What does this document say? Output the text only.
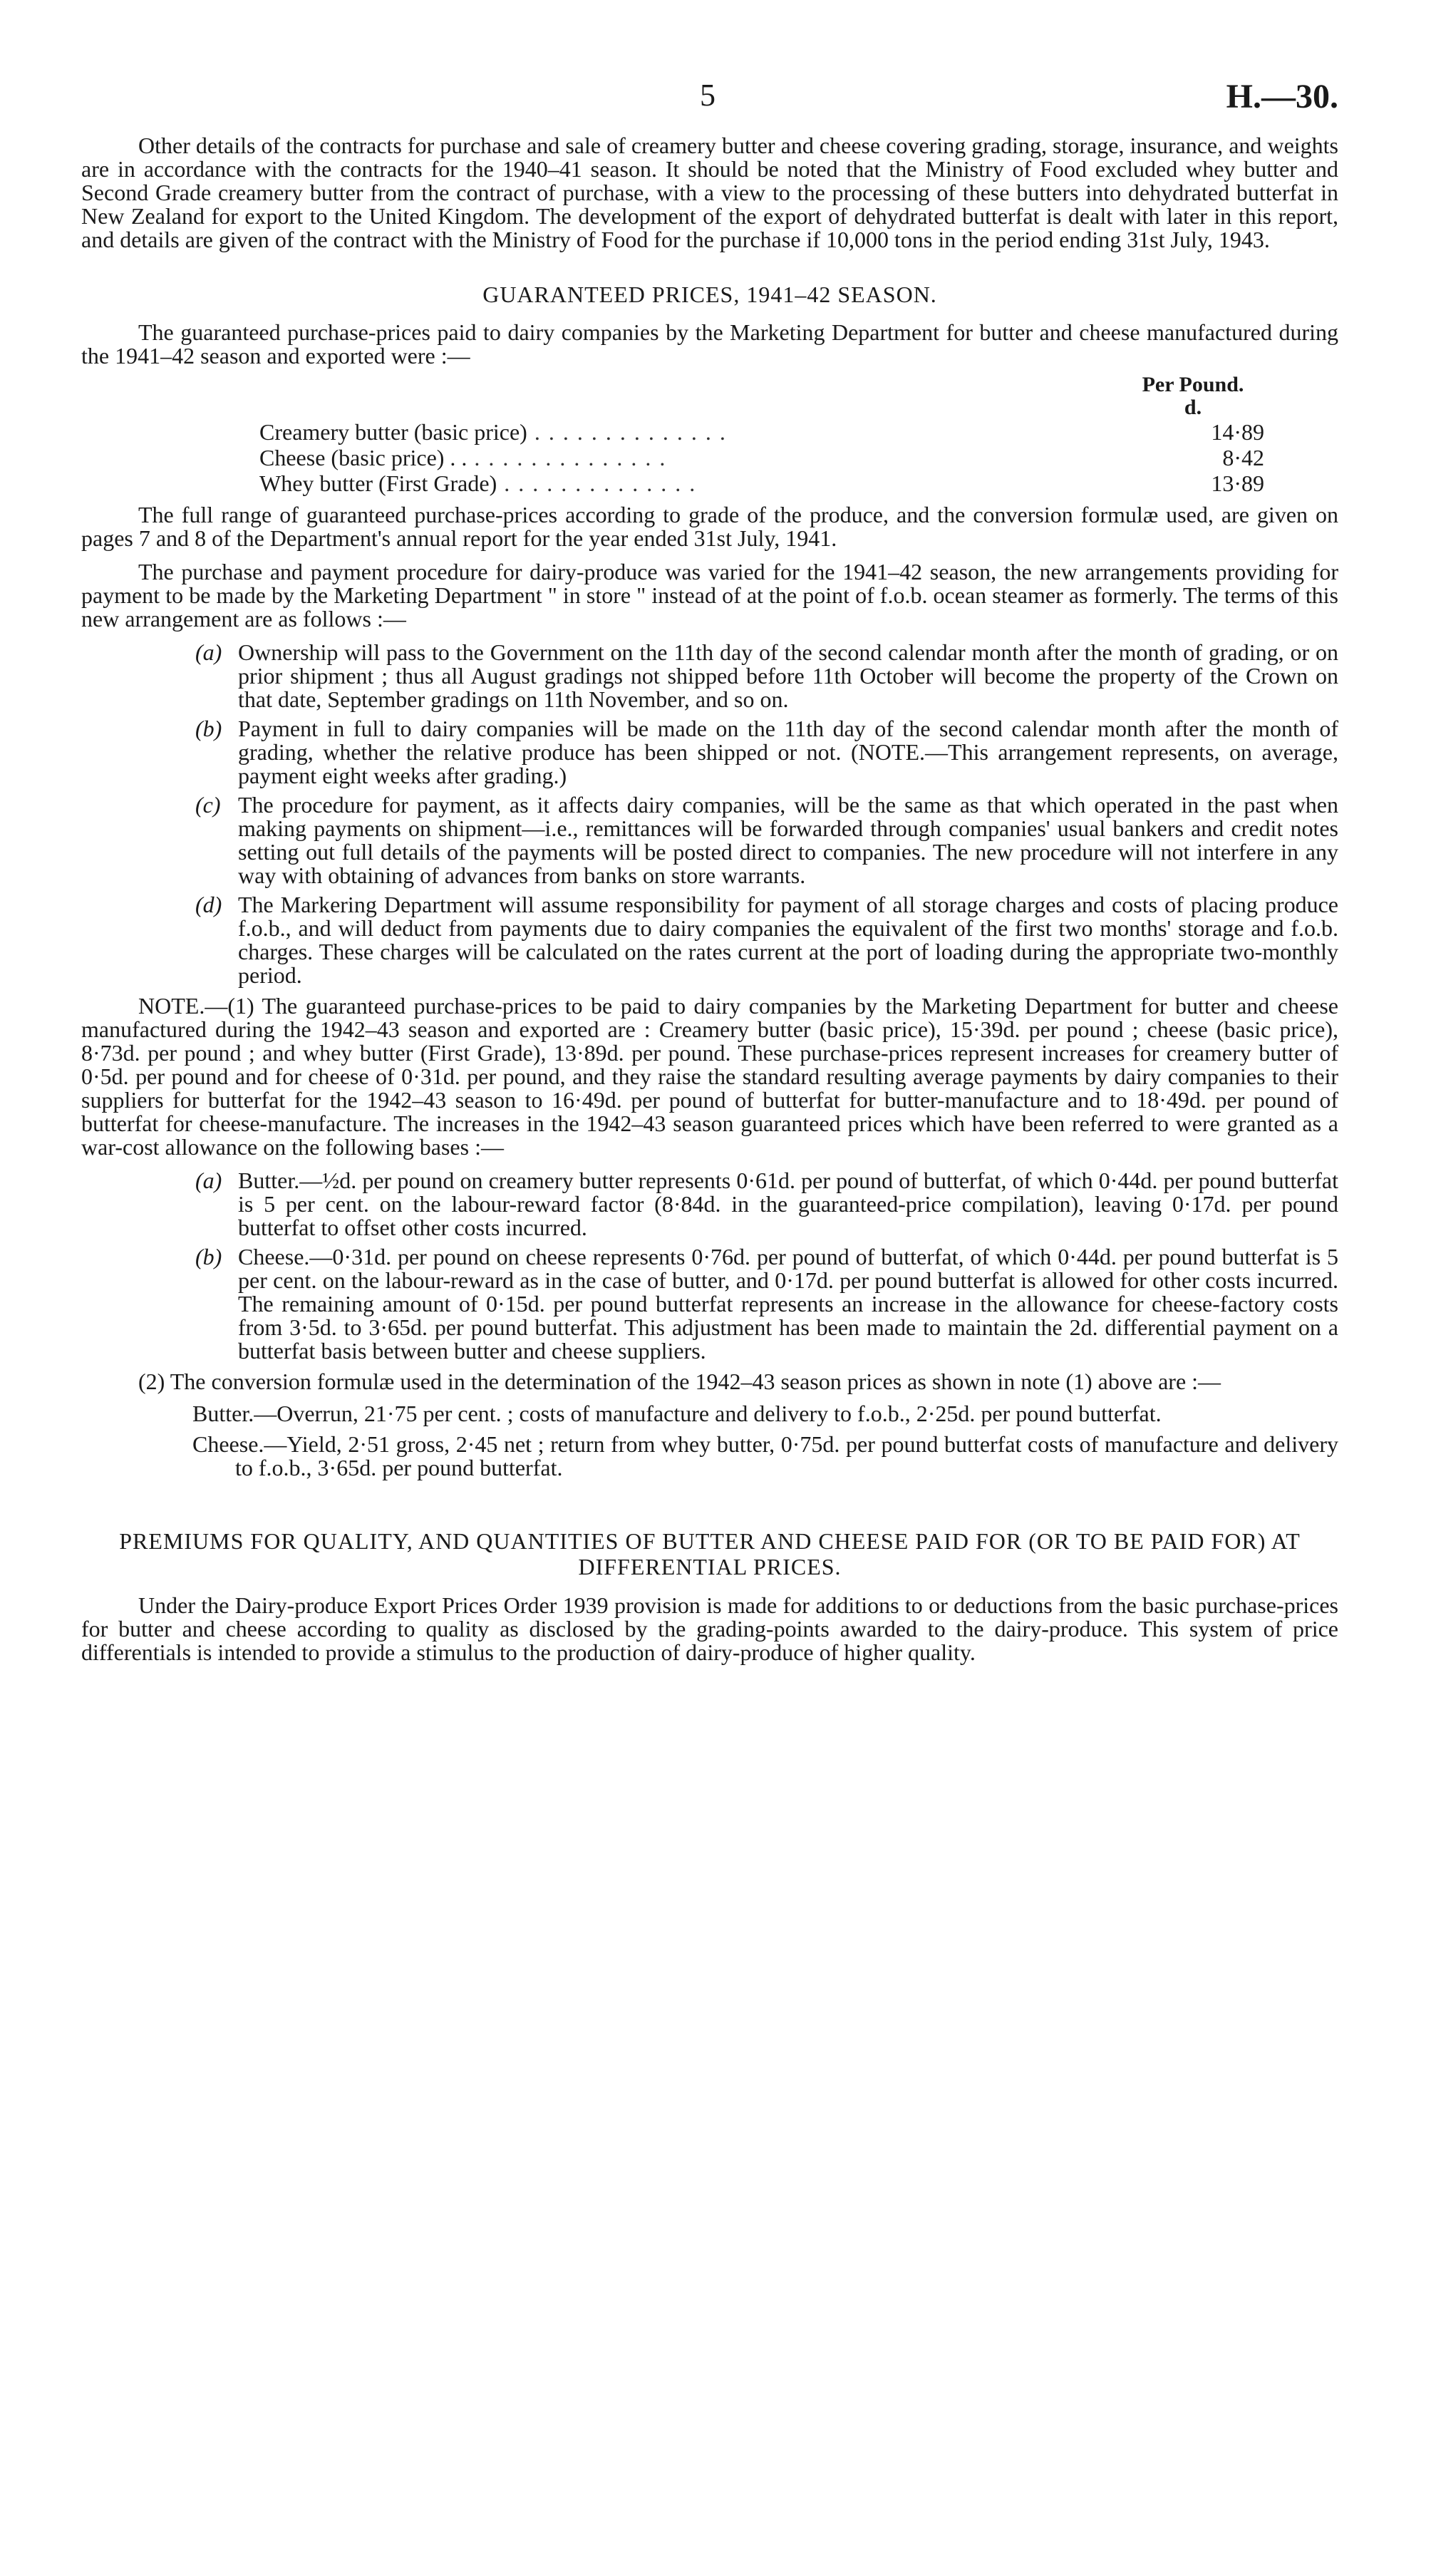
5	H.—30.

Other details of the contracts for purchase and sale of creamery butter and cheese covering grading, storage, insurance, and weights are in accordance with the contracts for the 1940–41 season. It should be noted that the Ministry of Food excluded whey butter and Second Grade creamery butter from the contract of purchase, with a view to the processing of these butters into dehydrated butterfat in New Zealand for export to the United Kingdom. The development of the export of dehydrated butterfat is dealt with later in this report, and details are given of the contract with the Ministry of Food for the purchase if 10,000 tons in the period ending 31st July, 1943.

GUARANTEED PRICES, 1941–42 SEASON.

The guaranteed purchase-prices paid to dairy companies by the Marketing Department for butter and cheese manufactured during the 1941–42 season and exported were :—

Per Pound.
d.
Creamery butter (basic price) . . . . . . . . . . . . . .	14·89
Cheese (basic price) . . . . . . . . . . . . . . . .	8·42
Whey butter (First Grade) . . . . . . . . . . . . . .	13·89

The full range of guaranteed purchase-prices according to grade of the produce, and the conversion formulæ used, are given on pages 7 and 8 of the Department's annual report for the year ended 31st July, 1941.

The purchase and payment procedure for dairy-produce was varied for the 1941–42 season, the new arrangements providing for payment to be made by the Marketing Department " in store " instead of at the point of f.o.b. ocean steamer as formerly. The terms of this new arrangement are as follows :—

(a) Ownership will pass to the Government on the 11th day of the second calendar month after the month of grading, or on prior shipment ; thus all August gradings not shipped before 11th October will become the property of the Crown on that date, September gradings on 11th November, and so on.
(b) Payment in full to dairy companies will be made on the 11th day of the second calendar month after the month of grading, whether the relative produce has been shipped or not. (NOTE.—This arrangement represents, on average, payment eight weeks after grading.)
(c) The procedure for payment, as it affects dairy companies, will be the same as that which operated in the past when making payments on shipment—i.e., remittances will be forwarded through companies' usual bankers and credit notes setting out full details of the payments will be posted direct to companies. The new procedure will not interfere in any way with obtaining of advances from banks on store warrants.
(d) The Markering Department will assume responsibility for payment of all storage charges and costs of placing produce f.o.b., and will deduct from payments due to dairy companies the equivalent of the first two months' storage and f.o.b. charges. These charges will be calculated on the rates current at the port of loading during the appropriate two-monthly period.

NOTE.—(1) The guaranteed purchase-prices to be paid to dairy companies by the Marketing Department for butter and cheese manufactured during the 1942–43 season and exported are : Creamery butter (basic price), 15·39d. per pound ; cheese (basic price), 8·73d. per pound ; and whey butter (First Grade), 13·89d. per pound. These purchase-prices represent increases for creamery butter of 0·5d. per pound and for cheese of 0·31d. per pound, and they raise the standard resulting average payments by dairy companies to their suppliers for butterfat for the 1942–43 season to 16·49d. per pound of butterfat for butter-manufacture and to 18·49d. per pound of butterfat for cheese-manufacture. The increases in the 1942–43 season guaranteed prices which have been referred to were granted as a war-cost allowance on the following bases :—

(a) Butter.—½d. per pound on creamery butter represents 0·61d. per pound of butterfat, of which 0·44d. per pound butterfat is 5 per cent. on the labour-reward factor (8·84d. in the guaranteed-price compilation), leaving 0·17d. per pound butterfat to offset other costs incurred.
(b) Cheese.—0·31d. per pound on cheese represents 0·76d. per pound of butterfat, of which 0·44d. per pound butterfat is 5 per cent. on the labour-reward as in the case of butter, and 0·17d. per pound butterfat is allowed for other costs incurred. The remaining amount of 0·15d. per pound butterfat represents an increase in the allowance for cheese-factory costs from 3·5d. to 3·65d. per pound butterfat. This adjustment has been made to maintain the 2d. differential payment on a butterfat basis between butter and cheese suppliers.

(2) The conversion formulæ used in the determination of the 1942–43 season prices as shown in note (1) above are :—

Butter.—Overrun, 21·75 per cent. ; costs of manufacture and delivery to f.o.b., 2·25d. per pound butterfat.

Cheese.—Yield, 2·51 gross, 2·45 net ; return from whey butter, 0·75d. per pound butterfat costs of manufacture and delivery to f.o.b., 3·65d. per pound butterfat.

PREMIUMS FOR QUALITY, AND QUANTITIES OF BUTTER AND CHEESE PAID FOR (OR TO BE PAID FOR) AT DIFFERENTIAL PRICES.

Under the Dairy-produce Export Prices Order 1939 provision is made for additions to or deductions from the basic purchase-prices for butter and cheese according to quality as disclosed by the grading-points awarded to the dairy-produce. This system of price differentials is intended to provide a stimulus to the production of dairy-produce of higher quality.
